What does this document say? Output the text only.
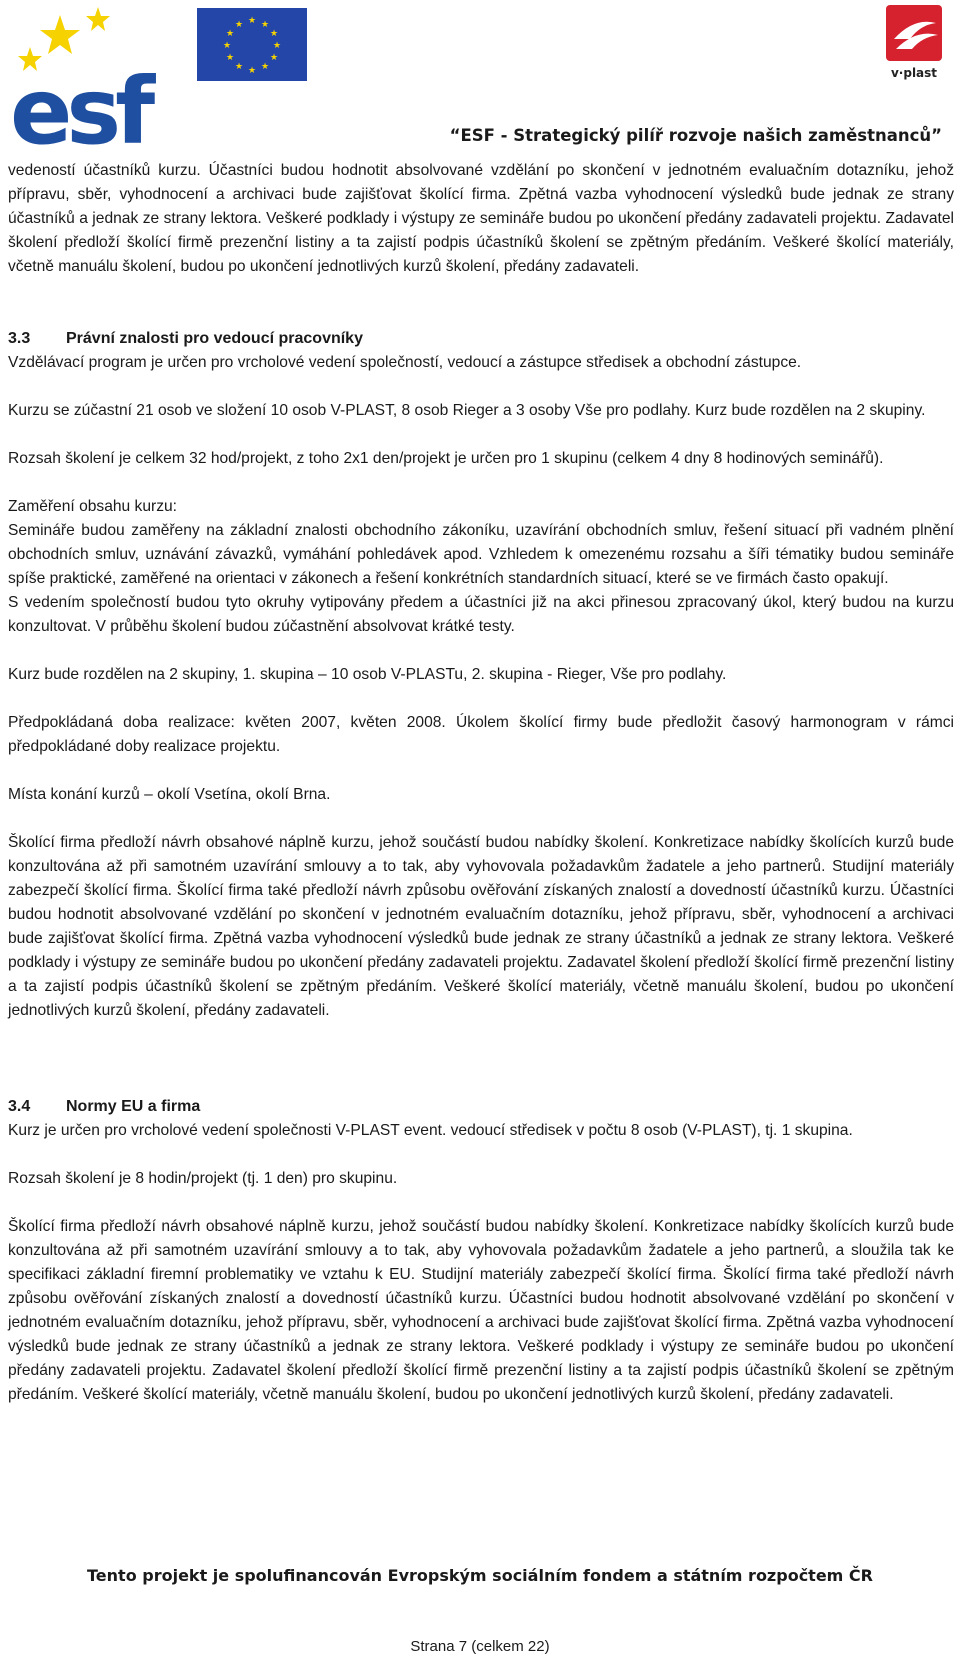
esf
★ ★
★
★
★
★
★
★
★
★
★
★
v·plast
“ESF - Strategický pilíř rozvoje našich zaměstnanců”

vedeností účastníků kurzu. Účastníci budou hodnotit absolvované vzdělání po skončení v jednotném evaluačním dotazníku, jehož přípravu, sběr, vyhodnocení a archivaci bude zajišťovat školící firma. Zpětná vazba vyhodnocení výsledků bude jednak ze strany účastníků a jednak ze strany lektora. Veškeré podklady i výstupy ze semináře budou po ukončení předány zadavateli projektu. Zadavatel školení předloží školící firmě prezenční listiny a ta zajistí podpis účastníků školení se zpětným předáním. Veškeré školící materiály, včetně manuálu školení, budou po ukončení jednotlivých kurzů školení, předány zadavateli.

3.3 Právní znalosti pro vedoucí pracovníky

Vzdělávací program je určen pro vrcholové vedení společností, vedoucí a zástupce středisek a obchodní zástupce.

Kurzu se zúčastní 21 osob ve složení 10 osob V-PLAST, 8 osob Rieger a 3 osoby Vše pro podlahy. Kurz bude rozdělen na 2 skupiny.

Rozsah školení je celkem 32 hod/projekt, z toho 2x1 den/projekt je určen pro 1 skupinu (celkem 4 dny 8 hodinových seminářů).

Zaměření obsahu kurzu:

Semináře budou zaměřeny na základní znalosti obchodního zákoníku, uzavírání obchodních smluv, řešení situací při vadném plnění obchodních smluv, uznávání závazků, vymáhání pohledávek apod. Vzhledem k omezenému rozsahu a šíři tématiky budou semináře spíše praktické, zaměřené na orientaci v zákonech a řešení konkrétních standardních situací, které se ve firmách často opakují.

S vedením společností budou tyto okruhy vytipovány předem a účastníci již na akci přinesou zpracovaný úkol, který budou na kurzu konzultovat. V průběhu školení budou zúčastnění absolvovat krátké testy.

Kurz bude rozdělen na 2 skupiny, 1. skupina – 10 osob V-PLASTu, 2. skupina - Rieger, Vše pro podlahy.

Předpokládaná doba realizace: květen 2007, květen 2008. Úkolem školící firmy bude předložit časový harmonogram v rámci předpokládané doby realizace projektu.

Místa konání kurzů – okolí Vsetína, okolí Brna.

Školící firma předloží návrh obsahové náplně kurzu, jehož součástí budou nabídky školení. Konkretizace nabídky školících kurzů bude konzultována až při samotném uzavírání smlouvy a to tak, aby vyhovovala požadavkům žadatele a jeho partnerů. Studijní materiály zabezpečí školící firma. Školící firma také předloží návrh způsobu ověřování získaných znalostí a dovedností účastníků kurzu. Účastníci budou hodnotit absolvované vzdělání po skončení v jednotném evaluačním dotazníku, jehož přípravu, sběr, vyhodnocení a archivaci bude zajišťovat školící firma. Zpětná vazba vyhodnocení výsledků bude jednak ze strany účastníků a jednak ze strany lektora. Veškeré podklady i výstupy ze semináře budou po ukončení předány zadavateli projektu. Zadavatel školení předloží školící firmě prezenční listiny a ta zajistí podpis účastníků školení se zpětným předáním. Veškeré školící materiály, včetně manuálu školení, budou po ukončení jednotlivých kurzů školení, předány zadavateli.

3.4 Normy EU a firma

Kurz je určen pro vrcholové vedení společnosti V-PLAST event. vedoucí středisek v počtu 8 osob (V-PLAST), tj. 1 skupina.

Rozsah školení je 8 hodin/projekt (tj. 1 den) pro skupinu.

Školící firma předloží návrh obsahové náplně kurzu, jehož součástí budou nabídky školení. Konkretizace nabídky školících kurzů bude konzultována až při samotném uzavírání smlouvy a to tak, aby vyhovovala požadavkům žadatele a jeho partnerů, a sloužila tak ke specifikaci základní firemní problematiky ve vztahu k EU. Studijní materiály zabezpečí školící firma. Školící firma také předloží návrh způsobu ověřování získaných znalostí a dovedností účastníků kurzu. Účastníci budou hodnotit absolvované vzdělání po skončení v jednotném evaluačním dotazníku, jehož přípravu, sběr, vyhodnocení a archivaci bude zajišťovat školící firma. Zpětná vazba vyhodnocení výsledků bude jednak ze strany účastníků a jednak ze strany lektora. Veškeré podklady i výstupy ze semináře budou po ukončení předány zadavateli projektu. Zadavatel školení předloží školící firmě prezenční listiny a ta zajistí podpis účastníků školení se zpětným předáním. Veškeré školící materiály, včetně manuálu školení, budou po ukončení jednotlivých kurzů školení, předány zadavateli.

Tento projekt je spolufinancován Evropským sociálním fondem a státním rozpočtem ČR
Strana 7 (celkem 22)
